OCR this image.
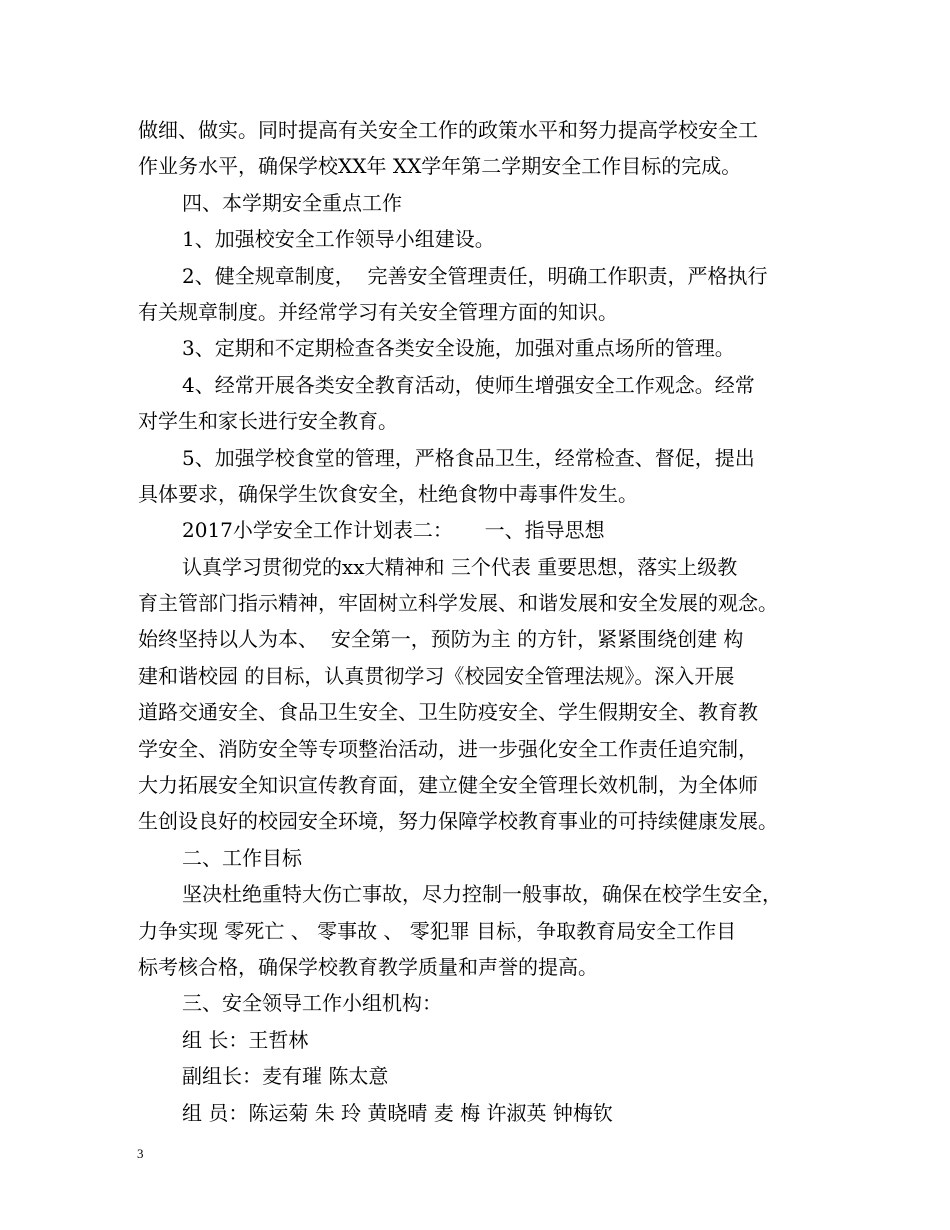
做细、做实。同时提高有关安全工作的政策水平和努力提高学校安全工
作业务水平，确保学校XX年 XX学年第二学期安全工作目标的完成。
四、本学期安全重点工作
1、加强校安全工作领导小组建设。
2、健全规章制度，  完善安全管理责任，明确工作职责，严格执行
有关规章制度。并经常学习有关安全管理方面的知识。
3、定期和不定期检查各类安全设施，加强对重点场所的管理。
4、经常开展各类安全教育活动，使师生增强安全工作观念。经常
对学生和家长进行安全教育。
5、加强学校食堂的管理，严格食品卫生，经常检查、督促，提出
具体要求，确保学生饮食安全，杜绝食物中毒事件发生。
2017小学安全工作计划表二：     一、指导思想
认真学习贯彻党的xx大精神和 三个代表 重要思想，落实上级教
育主管部门指示精神，牢固树立科学发展、和谐发展和安全发展的观念。
始终坚持以人为本、  安全第一，预防为主 的方针，紧紧围绕创建 构
建和谐校园 的目标，认真贯彻学习《校园安全管理法规》。深入开展
道路交通安全、食品卫生安全、卫生防疫安全、学生假期安全、教育教
学安全、消防安全等专项整治活动，进一步强化安全工作责任追究制，
大力拓展安全知识宣传教育面，建立健全安全管理长效机制，为全体师
生创设良好的校园安全环境，努力保障学校教育事业的可持续健康发展。
二、工作目标
坚决杜绝重特大伤亡事故，尽力控制一般事故，确保在校学生安全，
力争实现 零死亡 、 零事故 、 零犯罪 目标，争取教育局安全工作目
标考核合格，确保学校教育教学质量和声誉的提高。
三、安全领导工作小组机构：
组 长：王哲林
副组长：麦有璀 陈太意
组 员：陈运菊 朱 玲 黄晓晴 麦 梅 许淑英 钟梅钦
3
